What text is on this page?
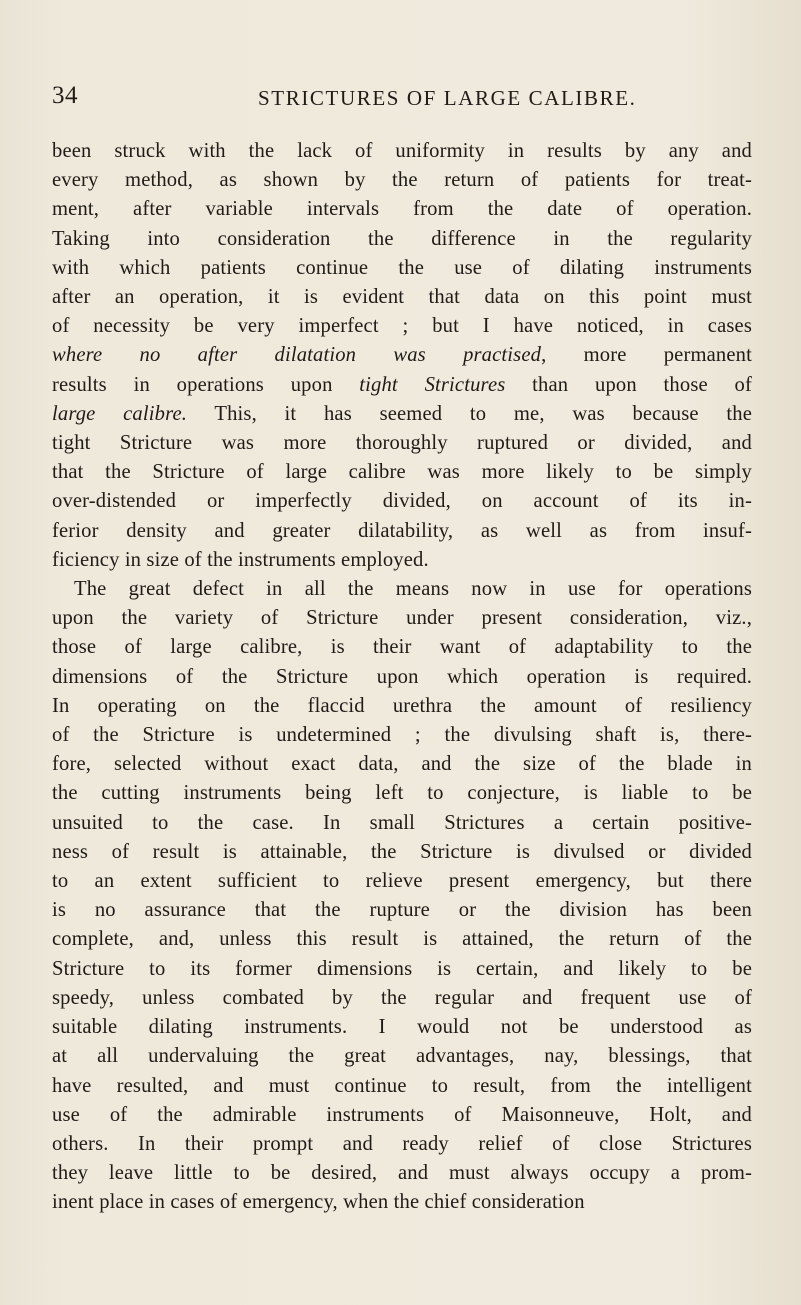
34	STRICTURES OF LARGE CALIBRE.
been struck with the lack of uniformity in results by any and
every method, as shown by the return of patients for treat-
ment, after variable intervals from the date of operation.
Taking into consideration the difference in the regularity
with which patients continue the use of dilating instruments
after an operation, it is evident that data on this point must
of necessity be very imperfect ; but I have noticed, in cases
where no after dilatation was practised, more permanent
results in operations upon tight Strictures than upon those of
large calibre. This, it has seemed to me, was because the
tight Stricture was more thoroughly ruptured or divided, and
that the Stricture of large calibre was more likely to be simply
over-distended or imperfectly divided, on account of its in-
ferior density and greater dilatability, as well as from insuf-
ficiency in size of the instruments employed.
The great defect in all the means now in use for operations
upon the variety of Stricture under present consideration, viz.,
those of large calibre, is their want of adaptability to the
dimensions of the Stricture upon which operation is required.
In operating on the flaccid urethra the amount of resiliency
of the Stricture is undetermined ; the divulsing shaft is, there-
fore, selected without exact data, and the size of the blade in
the cutting instruments being left to conjecture, is liable to be
unsuited to the case. In small Strictures a certain positive-
ness of result is attainable, the Stricture is divulsed or divided
to an extent sufficient to relieve present emergency, but there
is no assurance that the rupture or the division has been
complete, and, unless this result is attained, the return of the
Stricture to its former dimensions is certain, and likely to be
speedy, unless combated by the regular and frequent use of
suitable dilating instruments. I would not be understood as
at all undervaluing the great advantages, nay, blessings, that
have resulted, and must continue to result, from the intelligent
use of the admirable instruments of Maisonneuve, Holt, and
others. In their prompt and ready relief of close Strictures
they leave little to be desired, and must always occupy a prom-
inent place in cases of emergency, when the chief consideration
